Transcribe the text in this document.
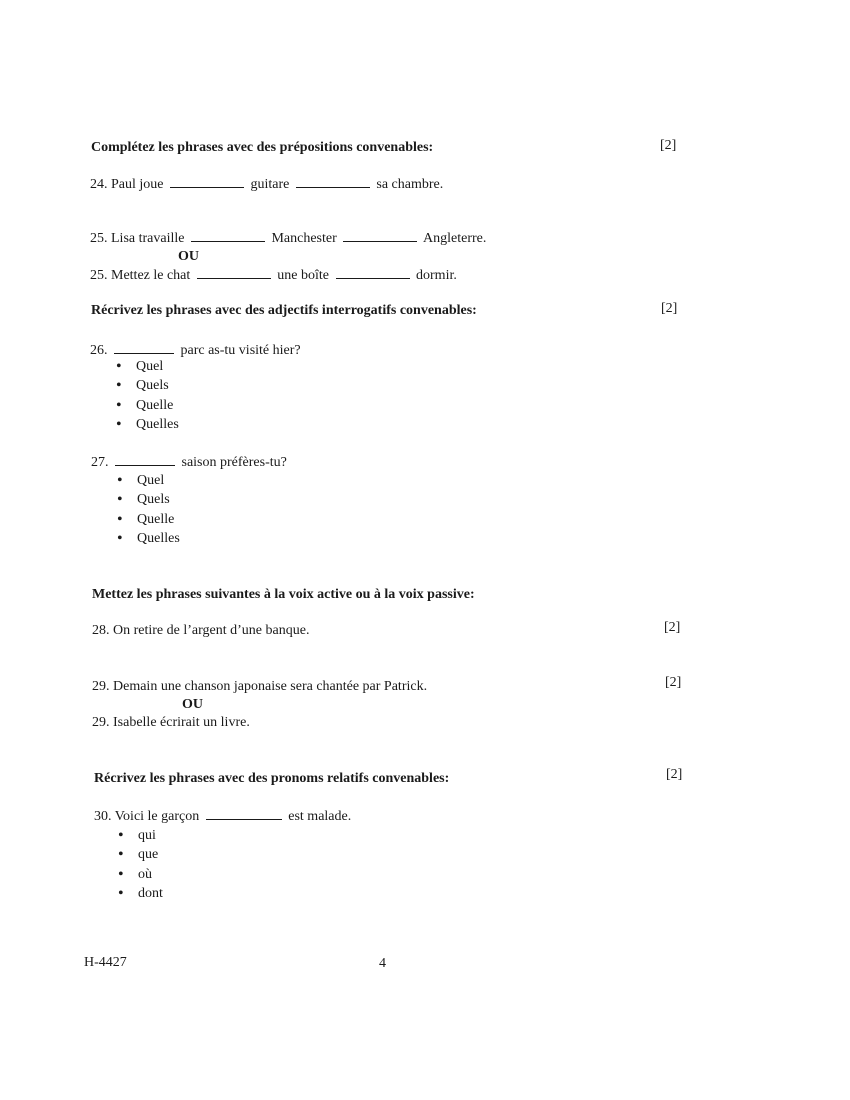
Complétez les phrases avec des prépositions convenables:	[2]
24. Paul joue	guitare	sa chambre.
25. Lisa travaille	Manchester	Angleterre.
OU
25. Mettez le chat	une boîte	dormir.
Récrivez les phrases avec des adjectifs interrogatifs convenables:	[2]
26.	parc as-tu visité hier?
• Quel
• Quels
• Quelle
• Quelles
27.	saison préfères-tu?
• Quel
• Quels
• Quelle
• Quelles
Mettez les phrases suivantes à la voix active ou à la voix passive:
28. On retire de l’argent d’une banque.	[2]
29. Demain une chanson japonaise sera chantée par Patrick.	[2]
OU
29. Isabelle écrirait un livre.
Récrivez les phrases avec des pronoms relatifs convenables:	[2]
30. Voici le garçon	est malade.
• qui
• que
• où
• dont
H-4427	4
